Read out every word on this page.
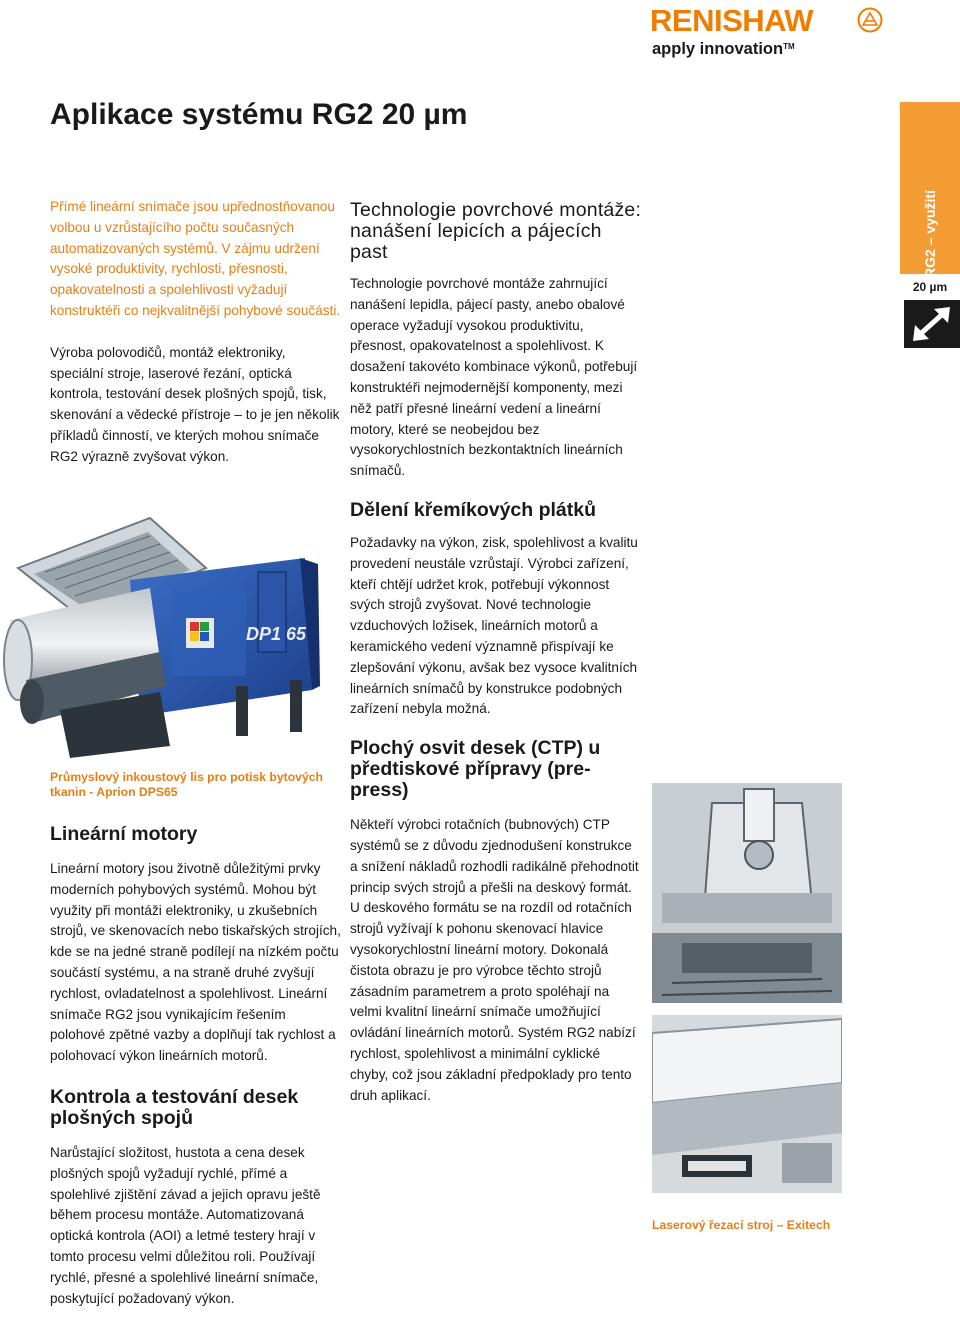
RENISHAW
apply innovation™
Aplikace systému RG2 20 µm
RG2 – využití
20 µm

Přímé lineární snímače jsou upřednostňovanou volbou u vzrůstajícího počtu současných automatizovaných systémů. V zájmu udržení vysoké produktivity, rychlosti, přesnosti, opakovatelnosti a spolehlivosti vyžadují konstruktéři co nejkvalitnější pohybové součásti.

Výroba polovodičů, montáž elektroniky, speciální stroje, laserové řezání, optická kontrola, testování desek plošných spojů, tisk, skenování a vědecké přístroje – to je jen několik příkladů činností, ve kterých mohou snímače RG2 výrazně zvyšovat výkon.

DP1 65
Průmyslový inkoustový lis pro potisk bytových tkanin - Aprion DPS65
Lineární motory

Lineární motory jsou životně důležitými prvky moderních pohybových systémů. Mohou být využity při montáži elektroniky, u zkušebních strojů, ve skenovacích nebo tiskařských strojích, kde se na jedné straně podílejí na nízkém počtu součástí systému, a na straně druhé zvyšují rychlost, ovladatelnost a spolehlivost. Lineární snímače RG2 jsou vynikajícím řešením polohové zpětné vazby a doplňují tak rychlost a polohovací výkon lineárních motorů.

Kontrola a testování desek plošných spojů

Narůstající složitost, hustota a cena desek plošných spojů vyžadují rychlé, přímé a spolehlivé zjištění závad a jejich opravu ještě během procesu montáže. Automatizovaná optická kontrola (AOI) a letmé testery hrají v tomto procesu velmi důležitou roli. Používají rychlé, přesné a spolehlivé lineární snímače, poskytující požadovaný výkon.

Technologie povrchové montáže: nanášení lepicích a pájecích past

Technologie povrchové montáže zahrnující nanášení lepidla, pájecí pasty, anebo obalové operace vyžadují vysokou produktivitu, přesnost, opakovatelnost a spolehlivost. K dosažení takovéto kombinace výkonů, potřebují konstruktéři nejmodernější komponenty, mezi něž patří přesné lineární vedení a lineární motory, které se neobejdou bez vysokorychlostních bezkontaktních lineárních snímačů.

Dělení křemíkových plátků

Požadavky na výkon, zisk, spolehlivost a kvalitu provedení neustále vzrůstají. Výrobci zařízení, kteří chtějí udržet krok, potřebují výkonnost svých strojů zvyšovat. Nové technologie vzduchových ložisek, lineárních motorů a keramického vedení významně přispívají ke zlepšování výkonu, avšak bez vysoce kvalitních lineárních snímačů by konstrukce podobných zařízení nebyla možná.

Plochý osvit desek (CTP) u předtiskové přípravy (pre-press)

Někteří výrobci rotačních (bubnových) CTP systémů se z důvodu zjednodušení konstrukce a snížení nákladů rozhodli radikálně přehodnotit princip svých strojů a přešli na deskový formát. U deskového formátu se na rozdíl od rotačních strojů vyžívají k pohonu skenovací hlavice vysokorychlostní lineární motory. Dokonalá čistota obrazu je pro výrobce těchto strojů zásadním parametrem a proto spoléhají na velmi kvalitní lineární snímače umožňující ovládání lineárních motorů. Systém RG2 nabízí rychlost, spolehlivost a minimální cyklické chyby, což jsou základní předpoklady pro tento druh aplikací.

Laserový řezací stroj – Exitech
